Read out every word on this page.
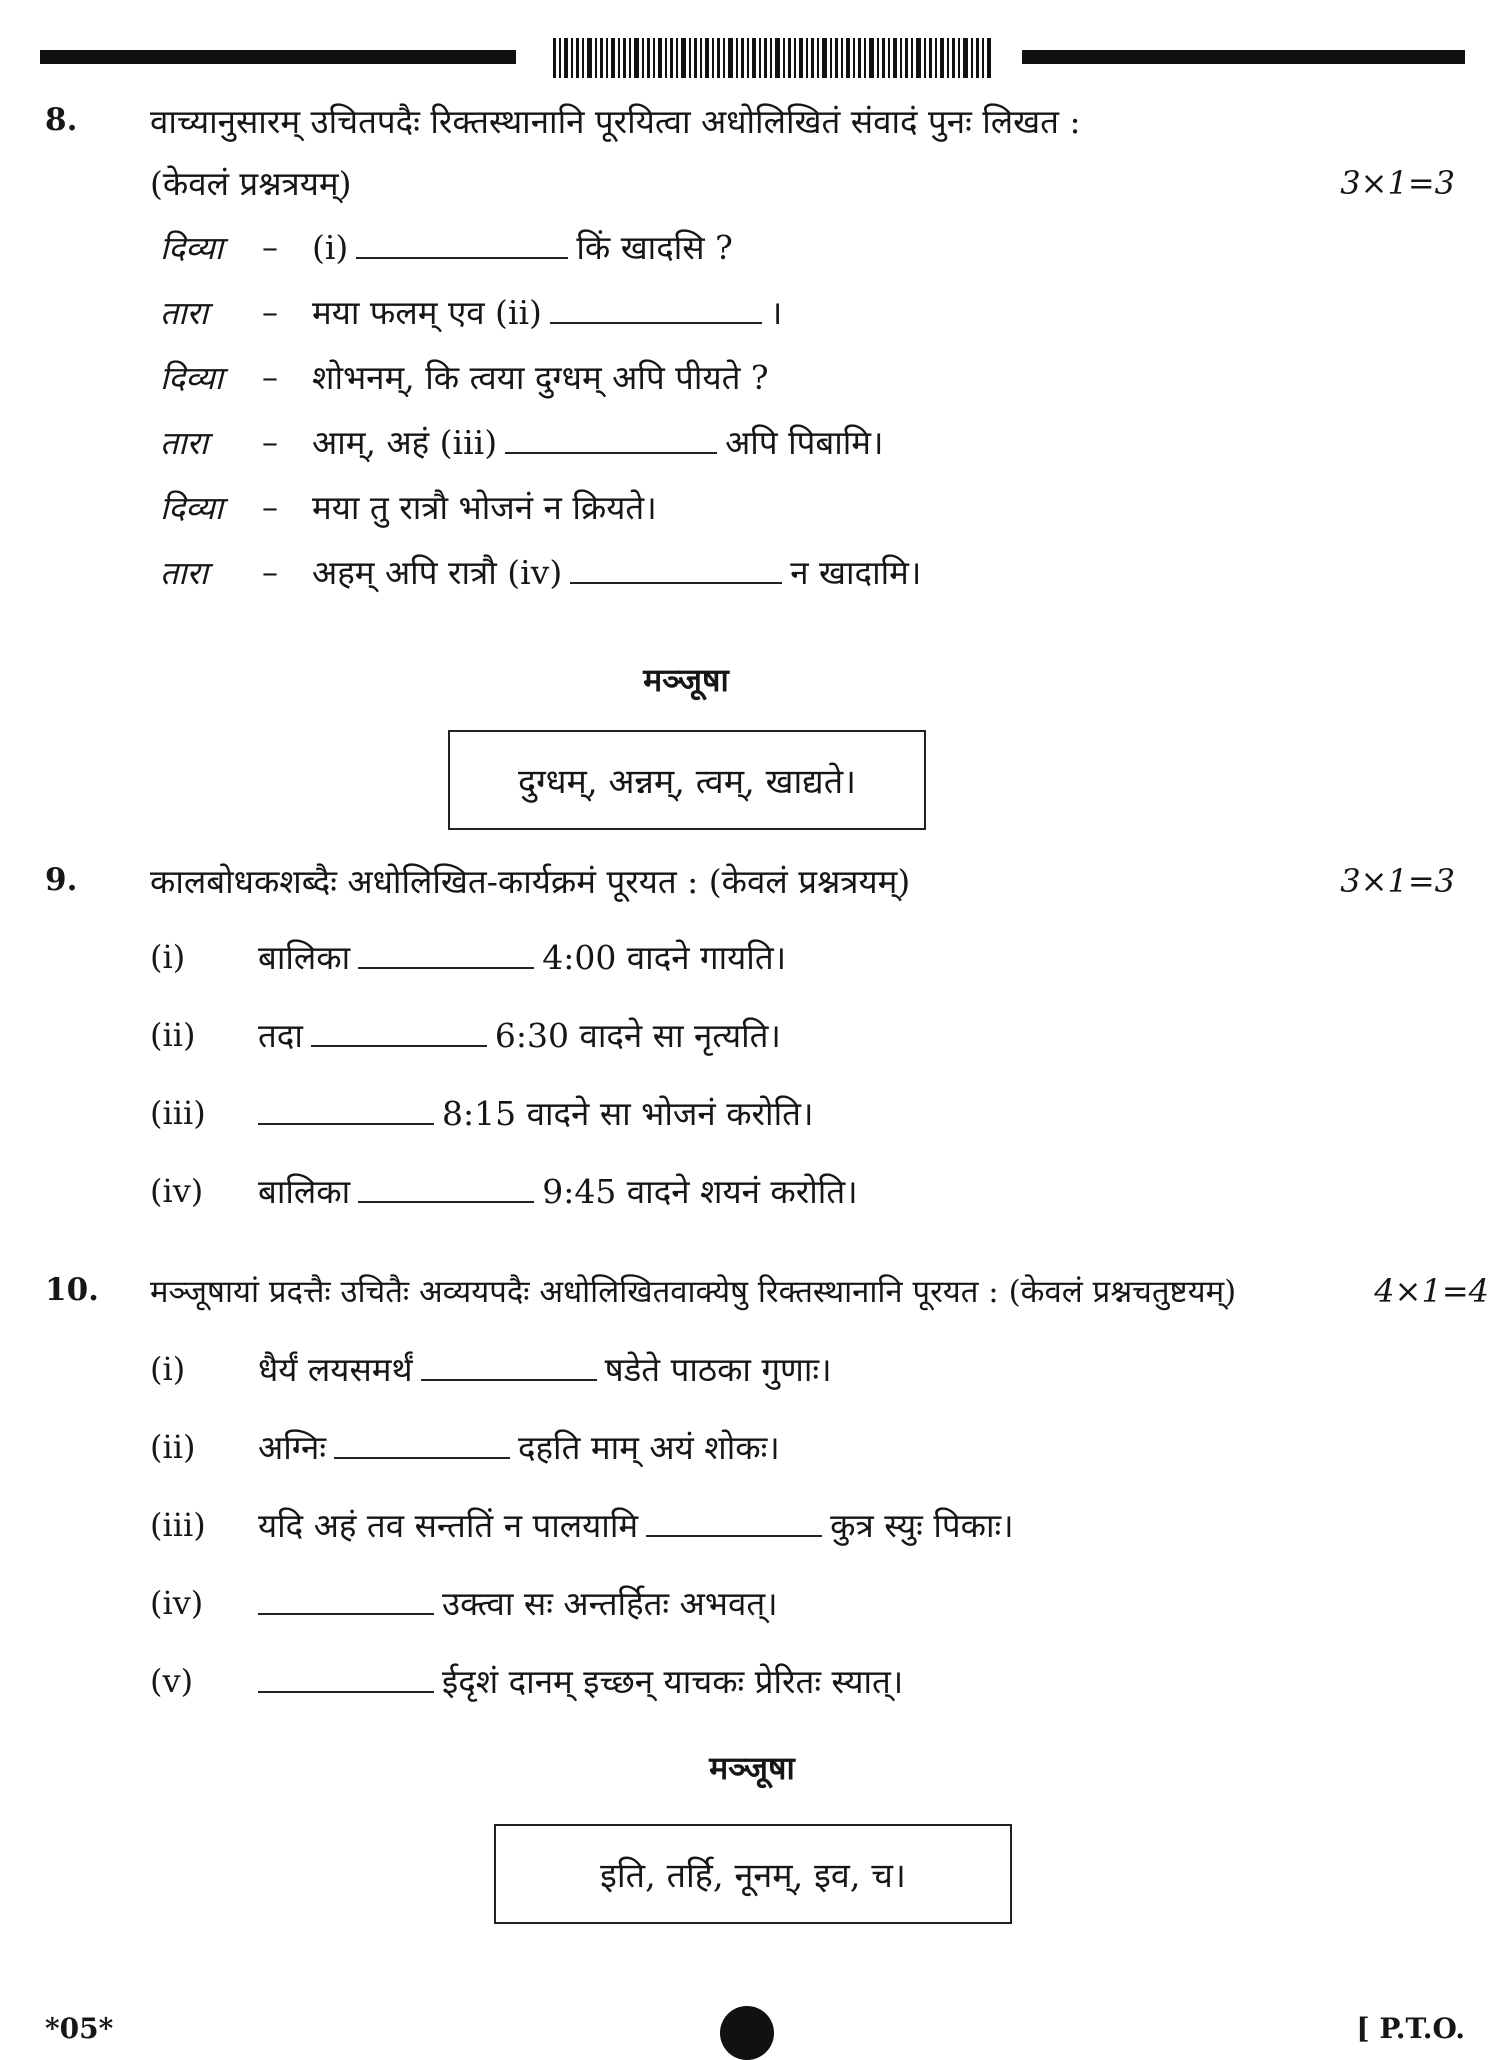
8. वाच्यानुसारम् उचितपदैः रिक्तस्थानानि पूरयित्वा अधोलिखितं संवादं पुनः लिखत :
(केवलं प्रश्नत्रयम्)	3×1=3
दिव्या – (i)	किं खादसि ?
तारा – मया फलम् एव (ii)	।
दिव्या – शोभनम्, कि त्वया दुग्धम् अपि पीयते ?
तारा – आम्, अहं (iii)	अपि पिबामि।
दिव्या – मया तु रात्रौ भोजनं न क्रियते।
तारा – अहम् अपि रात्रौ (iv)	न खादामि।
मञ्जूषा
दुग्धम्, अन्नम्, त्वम्, खाद्यते।
9. कालबोधकशब्दैः अधोलिखित-कार्यक्रमं पूरयत : (केवलं प्रश्नत्रयम्)	3×1=3
(i) बालिका	4:00 वादने गायति।
(ii) तदा	6:30 वादने सा नृत्यति।
(iii)	8:15 वादने सा भोजनं करोति।
(iv) बालिका	9:45 वादने शयनं करोति।
10. मञ्जूषायां प्रदत्तैः उचितैः अव्ययपदैः अधोलिखितवाक्येषु रिक्तस्थानानि पूरयत : (केवलं प्रश्नचतुष्टयम्)	4×1=4
(i) धैर्यं लयसमर्थं	षडेते पाठका गुणाः।
(ii) अग्निः	दहति माम् अयं शोकः।
(iii) यदि अहं तव सन्ततिं न पालयामि	कुत्र स्युः पिकाः।
(iv)	उक्त्वा सः अन्तर्हितः अभवत्।
(v)	ईदृशं दानम् इच्छन् याचकः प्रेरितः स्यात्।
मञ्जूषा
इति, तर्हि, नूनम्, इव, च।
*05*	[ P.T.O.
